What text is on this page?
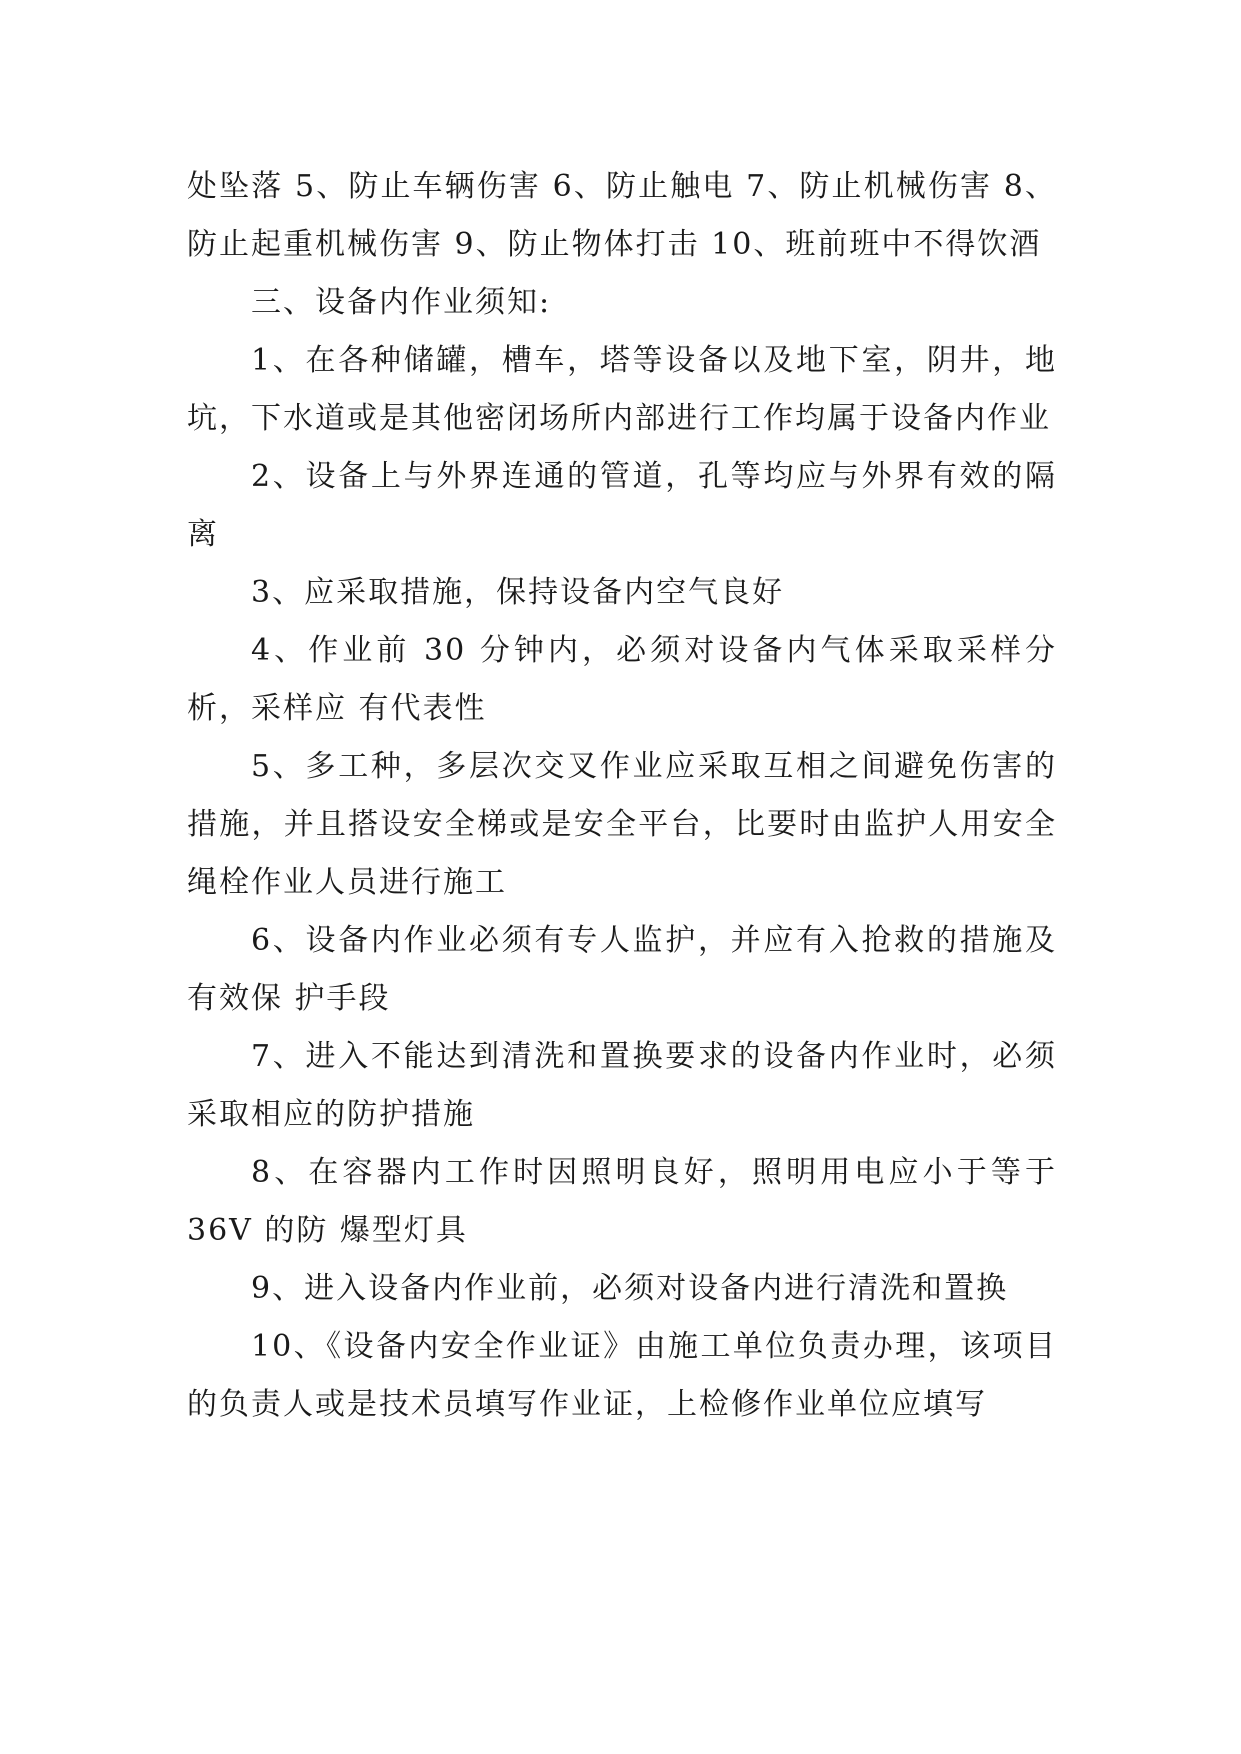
处坠落 5、防止车辆伤害 6、防止触电 7、防止机械伤害 8、防止起重机械伤害 9、防止物体打击 10、班前班中不得饮酒

三、设备内作业须知:

1、在各种储罐，槽车，塔等设备以及地下室，阴井，地坑，下水道或是其他密闭场所内部进行工作均属于设备内作业

2、设备上与外界连通的管道，孔等均应与外界有效的隔离

3、应采取措施，保持设备内空气良好

4、作业前 30 分钟内，必须对设备内气体采取采样分析，采样应 有代表性

5、多工种，多层次交叉作业应采取互相之间避免伤害的措施，并且搭设安全梯或是安全平台，比要时由监护人用安全绳栓作业人员进行施工

6、设备内作业必须有专人监护，并应有入抢救的措施及有效保 护手段

7、进入不能达到清洗和置换要求的设备内作业时，必须采取相应的防护措施

8、在容器内工作时因照明良好，照明用电应小于等于 36V 的防 爆型灯具

9、进入设备内作业前，必须对设备内进行清洗和置换

10、《设备内安全作业证》由施工单位负责办理，该项目的负责人或是技术员填写作业证，上检修作业单位应填写
